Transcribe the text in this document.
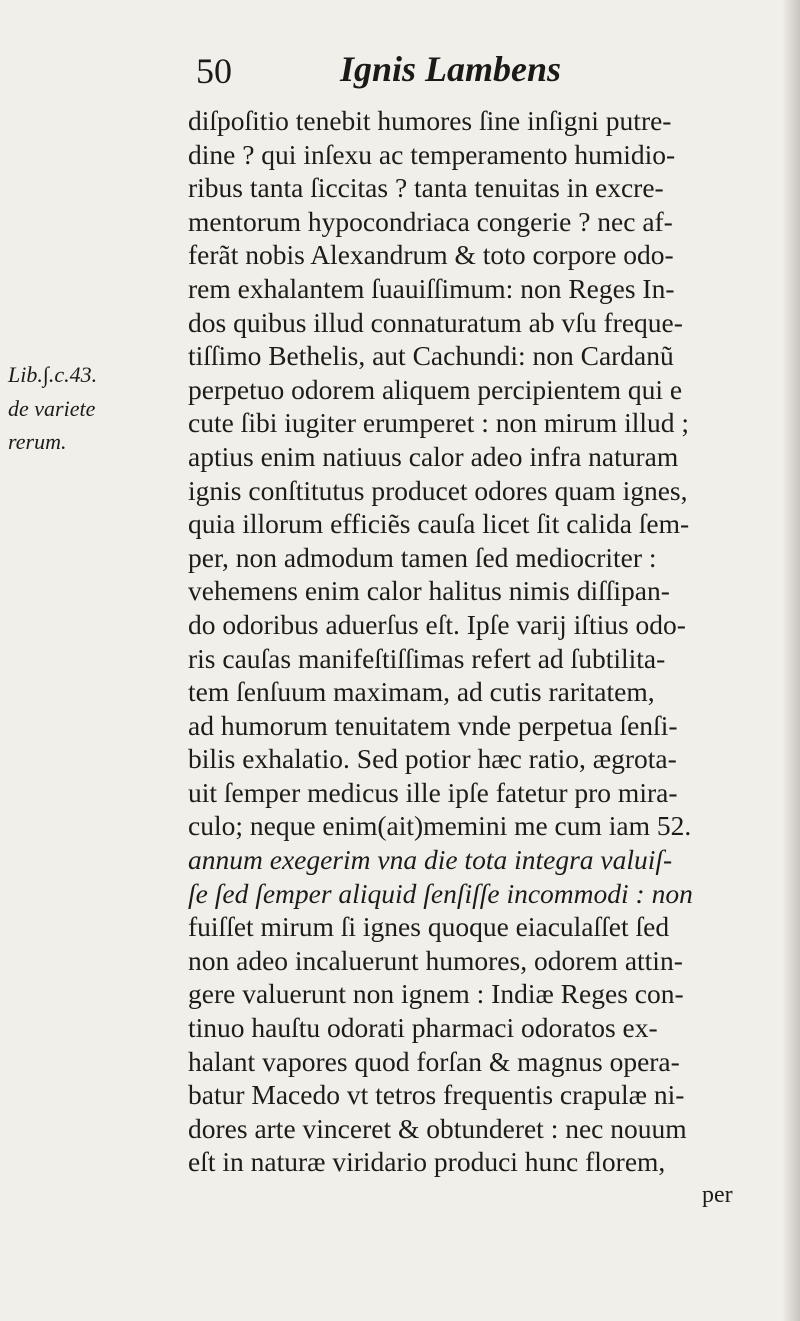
50	Ignis Lambens
Lib.∫.c.43.
de variete
rerum.
diſpoſitio tenebit humores ſine inſigni putre-
dine ? qui inſexu ac temperamento humidio-
ribus tanta ſiccitas ? tanta tenuitas in excre-
mentorum hypocondriaca congerie ? nec af-
ferãt nobis Alexandrum & toto corpore odo-
rem exhalantem ſuauiſſimum: non Reges In-
dos quibus illud connaturatum ab vſu freque-
tiſſimo Bethelis, aut Cachundi: non Cardanũ
perpetuo odorem aliquem percipientem qui e
cute ſibi iugiter erumperet : non mirum illud ;
aptius enim natiuus calor adeo infra naturam
ignis conſtitutus producet odores quam ignes,
quia illorum efficiẽs cauſa licet ſit calida ſem-
per, non admodum tamen ſed mediocriter :
vehemens enim calor halitus nimis diſſipan-
do odoribus aduerſus eſt. Ipſe varij iſtius odo-
ris cauſas manifeſtiſſimas refert ad ſubtilita-
tem ſenſuum maximam, ad cutis raritatem,
ad humorum tenuitatem vnde perpetua ſenſi-
bilis exhalatio. Sed potior hæc ratio, ægrota-
uit ſemper medicus ille ipſe fatetur pro mira-
culo; neque enim(ait)memini me cum iam 52.
annum exegerim vna die tota integra valuiſ-
ſe ſed ſemper aliquid ſenſiſſe incommodi : non
fuiſſet mirum ſi ignes quoque eiaculaſſet ſed
non adeo incaluerunt humores, odorem attin-
gere valuerunt non ignem : Indiæ Reges con-
tinuo hauſtu odorati pharmaci odoratos ex-
halant vapores quod forſan & magnus opera-
batur Macedo vt tetros frequentis crapulæ ni-
dores arte vinceret & obtunderet : nec nouum
eſt in naturæ viridario produci hunc florem,
per
